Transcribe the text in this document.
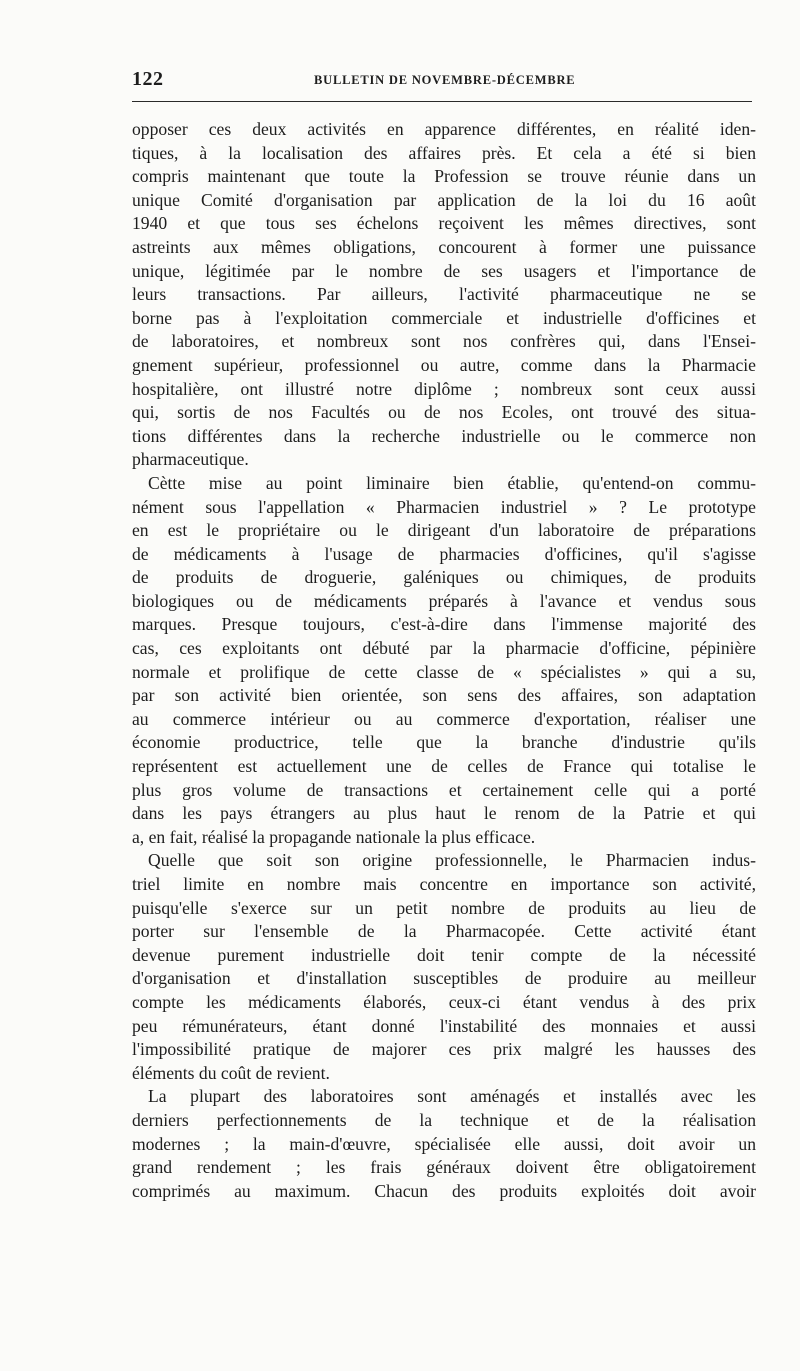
122	BULLETIN DE NOVEMBRE-DÉCEMBRE
opposer ces deux activités en apparence différentes, en réalité iden-
tiques, à la localisation des affaires près. Et cela a été si bien
compris maintenant que toute la Profession se trouve réunie dans un
unique Comité d'organisation par application de la loi du 16 août
1940 et que tous ses échelons reçoivent les mêmes directives, sont
astreints aux mêmes obligations, concourent à former une puissance
unique, légitimée par le nombre de ses usagers et l'importance de
leurs transactions. Par ailleurs, l'activité pharmaceutique ne se
borne pas à l'exploitation commerciale et industrielle d'officines et
de laboratoires, et nombreux sont nos confrères qui, dans l'Ensei-
gnement supérieur, professionnel ou autre, comme dans la Pharmacie
hospitalière, ont illustré notre diplôme ; nombreux sont ceux aussi
qui, sortis de nos Facultés ou de nos Ecoles, ont trouvé des situa-
tions différentes dans la recherche industrielle ou le commerce non
pharmaceutique.
Cètte mise au point liminaire bien établie, qu'entend-on commu-
nément sous l'appellation « Pharmacien industriel » ? Le prototype
en est le propriétaire ou le dirigeant d'un laboratoire de préparations
de médicaments à l'usage de pharmacies d'officines, qu'il s'agisse
de produits de droguerie, galéniques ou chimiques, de produits
biologiques ou de médicaments préparés à l'avance et vendus sous
marques. Presque toujours, c'est-à-dire dans l'immense majorité des
cas, ces exploitants ont débuté par la pharmacie d'officine, pépinière
normale et prolifique de cette classe de « spécialistes » qui a su,
par son activité bien orientée, son sens des affaires, son adaptation
au commerce intérieur ou au commerce d'exportation, réaliser une
économie productrice, telle que la branche d'industrie qu'ils
représentent est actuellement une de celles de France qui totalise le
plus gros volume de transactions et certainement celle qui a porté
dans les pays étrangers au plus haut le renom de la Patrie et qui
a, en fait, réalisé la propagande nationale la plus efficace.
Quelle que soit son origine professionnelle, le Pharmacien indus-
triel limite en nombre mais concentre en importance son activité,
puisqu'elle s'exerce sur un petit nombre de produits au lieu de
porter sur l'ensemble de la Pharmacopée. Cette activité étant
devenue purement industrielle doit tenir compte de la nécessité
d'organisation et d'installation susceptibles de produire au meilleur
compte les médicaments élaborés, ceux-ci étant vendus à des prix
peu rémunérateurs, étant donné l'instabilité des monnaies et aussi
l'impossibilité pratique de majorer ces prix malgré les hausses des
éléments du coût de revient.
La plupart des laboratoires sont aménagés et installés avec les
derniers perfectionnements de la technique et de la réalisation
modernes ; la main-d'œuvre, spécialisée elle aussi, doit avoir un
grand rendement ; les frais généraux doivent être obligatoirement
comprimés au maximum. Chacun des produits exploités doit avoir
